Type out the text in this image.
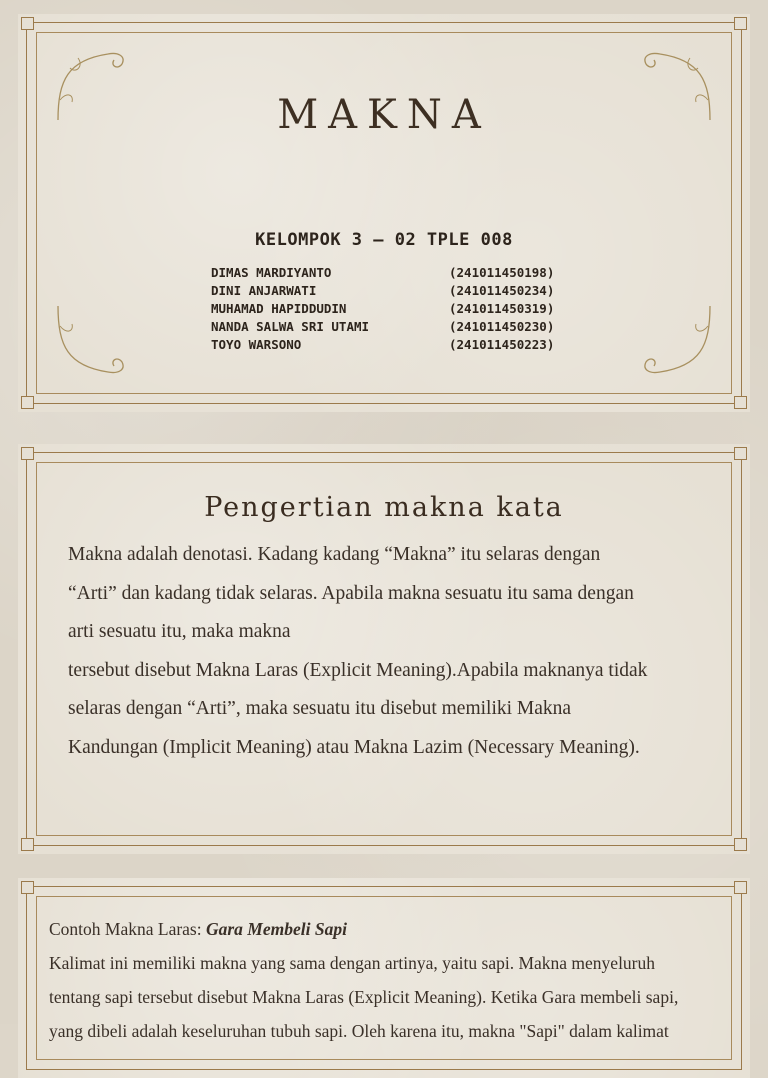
MAKNA
KELOMPOK 3 – 02 TPLE 008
DIMAS MARDIYANTO	(241011450198)
DINI ANJARWATI	(241011450234)
MUHAMAD HAPIDDUDIN	(241011450319)
NANDA SALWA SRI UTAMI	(241011450230)
TOYO WARSONO	(241011450223)
Pengertian makna kata

Makna adalah denotasi. Kadang kadang “Makna” itu selaras dengan

“Arti” dan kadang tidak selaras. Apabila makna sesuatu itu sama dengan

arti sesuatu itu, maka makna

tersebut disebut Makna Laras (Explicit Meaning).Apabila maknanya tidak

selaras dengan “Arti”, maka sesuatu itu disebut memiliki Makna

Kandungan (Implicit Meaning) atau Makna Lazim (Necessary Meaning).

Contoh Makna Laras: Gara Membeli Sapi

Kalimat ini memiliki makna yang sama dengan artinya, yaitu sapi. Makna menyeluruh

tentang sapi tersebut disebut Makna Laras (Explicit Meaning). Ketika Gara membeli sapi,

yang dibeli adalah keseluruhan tubuh sapi. Oleh karena itu, makna "Sapi" dalam kalimat
